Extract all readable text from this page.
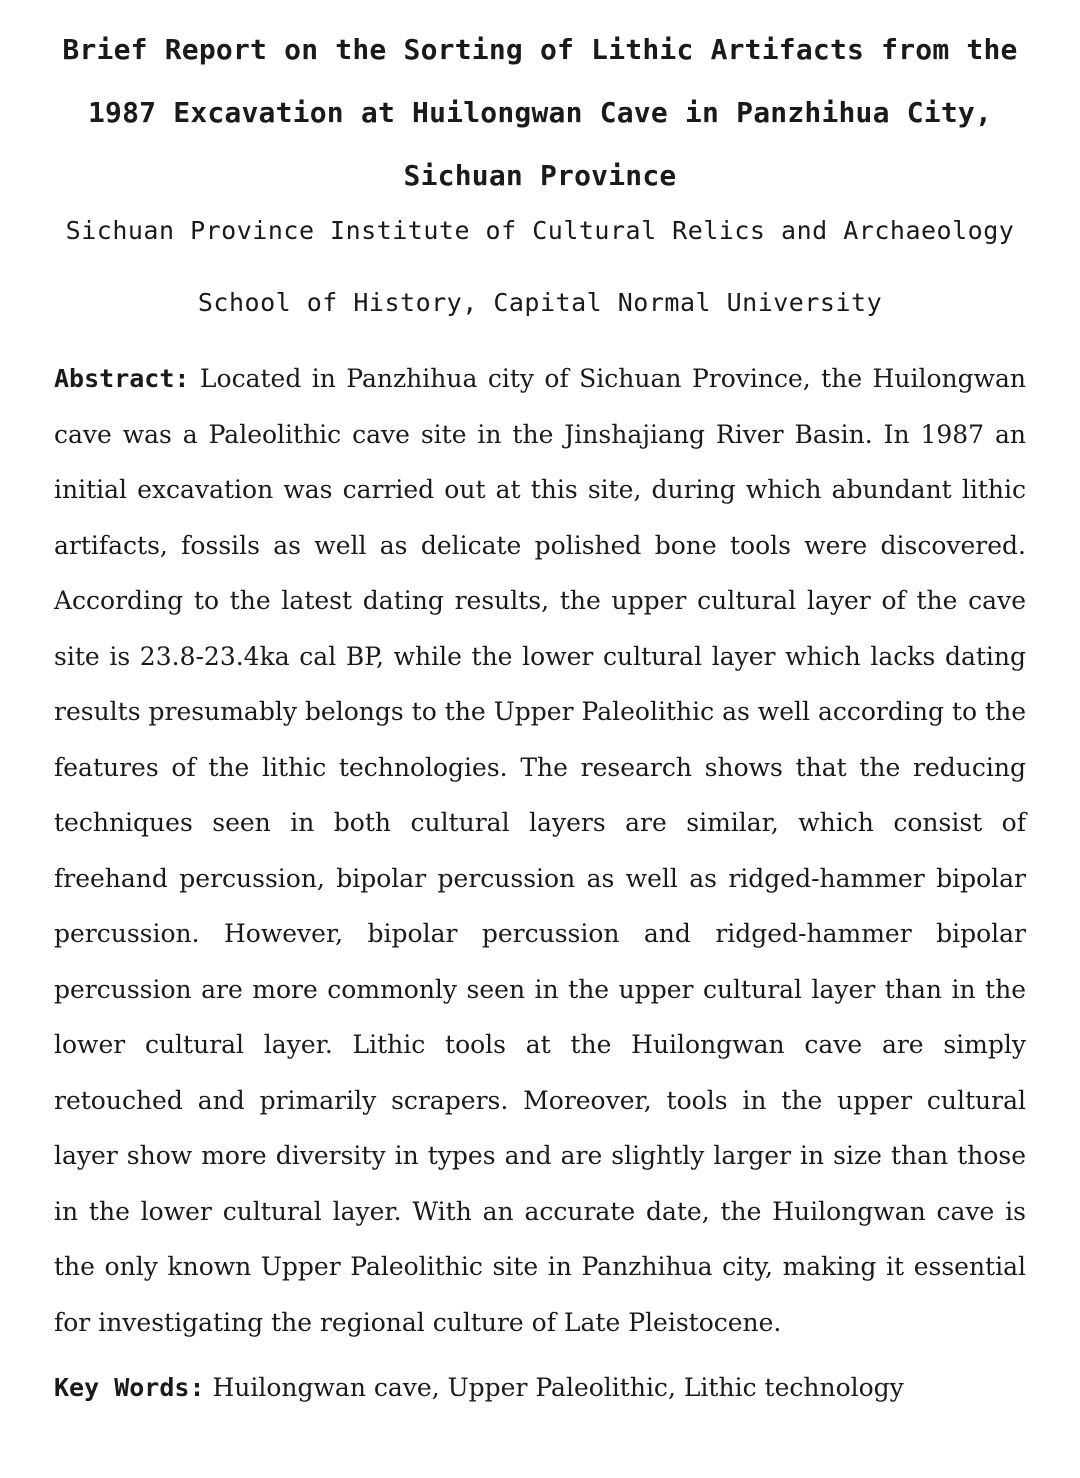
Brief Report on the Sorting of Lithic Artifacts from the 1987 Excavation at Huilongwan Cave in Panzhihua City, Sichuan Province

Sichuan Province Institute of Cultural Relics and Archaeology

School of History, Capital Normal University

Abstract: Located in Panzhihua city of Sichuan Province, the Huilongwan cave was a Paleolithic cave site in the Jinshajiang River Basin. In 1987 an initial excavation was carried out at this site, during which abundant lithic artifacts, fossils as well as delicate polished bone tools were discovered. According to the latest dating results, the upper cultural layer of the cave site is 23.8-23.4ka cal BP, while the lower cultural layer which lacks dating results presumably belongs to the Upper Paleolithic as well according to the features of the lithic technologies. The research shows that the reducing techniques seen in both cultural layers are similar, which consist of freehand percussion, bipolar percussion as well as ridged-hammer bipolar percussion. However, bipolar percussion and ridged-hammer bipolar percussion are more commonly seen in the upper cultural layer than in the lower cultural layer. Lithic tools at the Huilongwan cave are simply retouched and primarily scrapers. Moreover, tools in the upper cultural layer show more diversity in types and are slightly larger in size than those in the lower cultural layer. With an accurate date, the Huilongwan cave is the only known Upper Paleolithic site in Panzhihua city, making it essential for investigating the regional culture of Late Pleistocene.

Key Words: Huilongwan cave, Upper Paleolithic, Lithic technology
